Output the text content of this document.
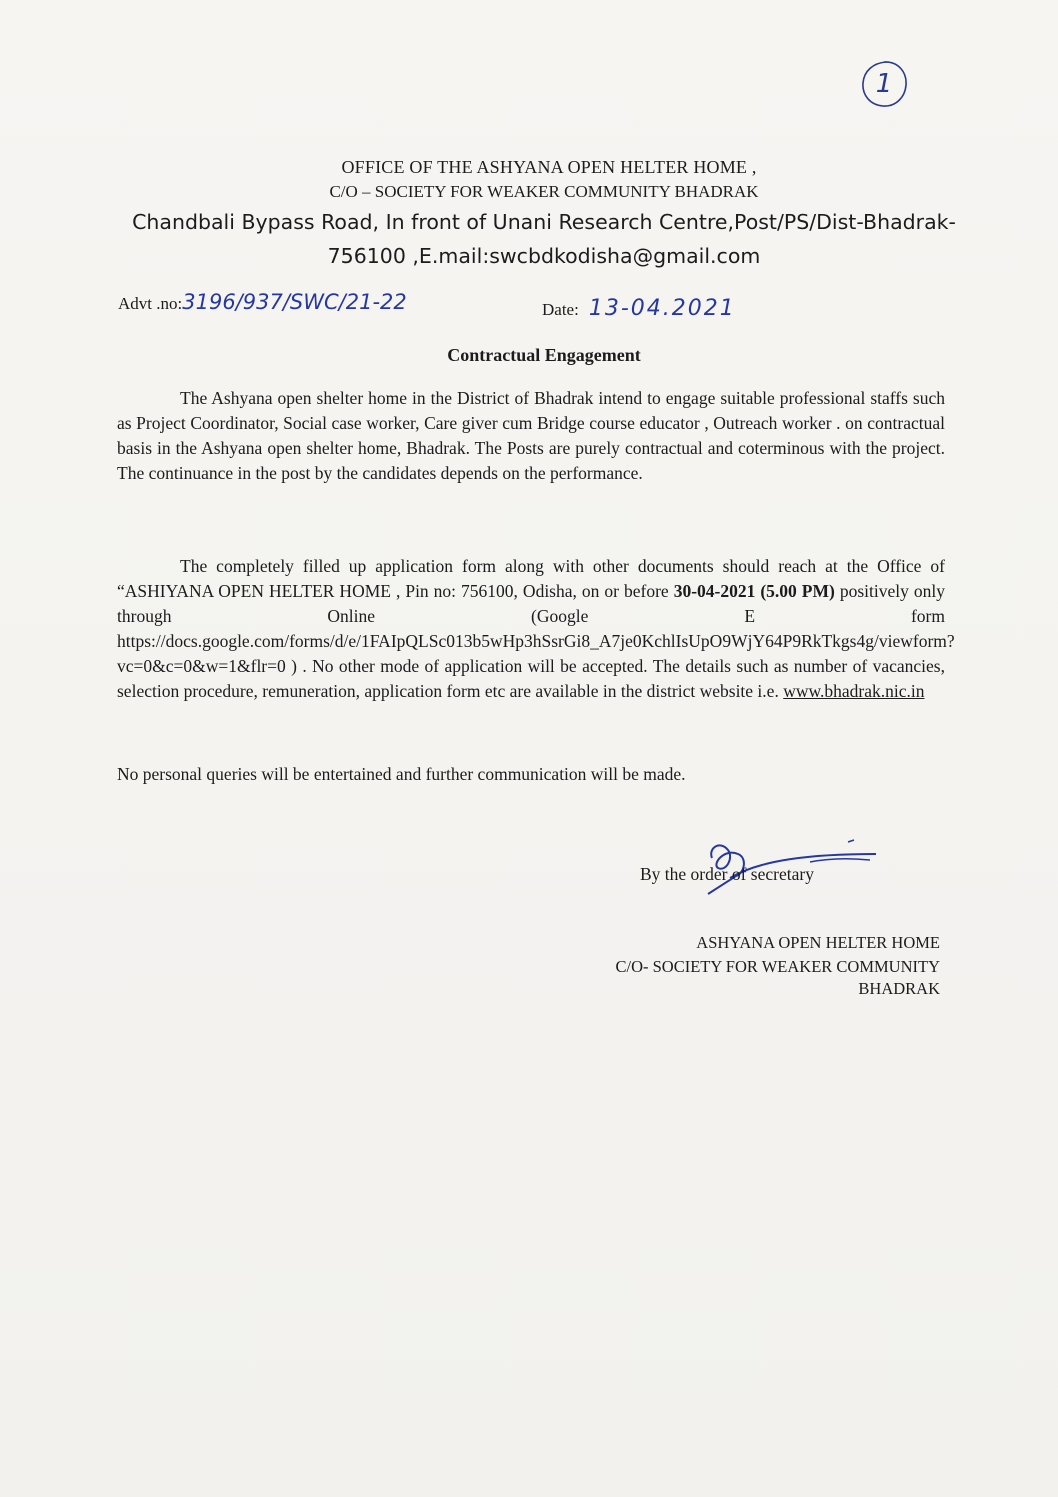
1
OFFICE OF THE ASHYANA OPEN HELTER HOME ,
C/O – SOCIETY FOR WEAKER COMMUNITY BHADRAK
Chandbali Bypass Road, In front of Unani Research Centre,Post/PS/Dist-Bhadrak-
756100 ,E.mail:swcbdkodisha@gmail.com
Advt .no:3196/937/SWC/21-22	Date: 13-04.2021
Contractual Engagement
The Ashyana open shelter home in the District of Bhadrak intend to engage suitable professional staffs such as Project Coordinator, Social case worker, Care giver cum Bridge course educator , Outreach worker . on contractual basis in the Ashyana open shelter home, Bhadrak. The Posts are purely contractual and coterminous with the project. The continuance in the post by the candidates depends on the performance.
The completely filled up application form along with other documents should reach at the Office of “ASHIYANA OPEN HELTER HOME , Pin no: 756100, Odisha, on or before 30-04-2021 (5.00 PM) positively only through Online (Google E form https://docs.google.com/forms/d/e/1FAIpQLSc013b5wHp3hSsrGi8_A7je0KchlIsUpO9WjY64P9RkTkgs4g/viewform?vc=0&c=0&w=1&flr=0 ) . No other mode of application will be accepted. The details such as number of vacancies, selection procedure, remuneration, application form etc are available in the district website i.e. www.bhadrak.nic.in
No personal queries will be entertained and further communication will be made.
By the order of secretary
ASHYANA OPEN HELTER HOME
C/O- SOCIETY FOR WEAKER COMMUNITY
BHADRAK
